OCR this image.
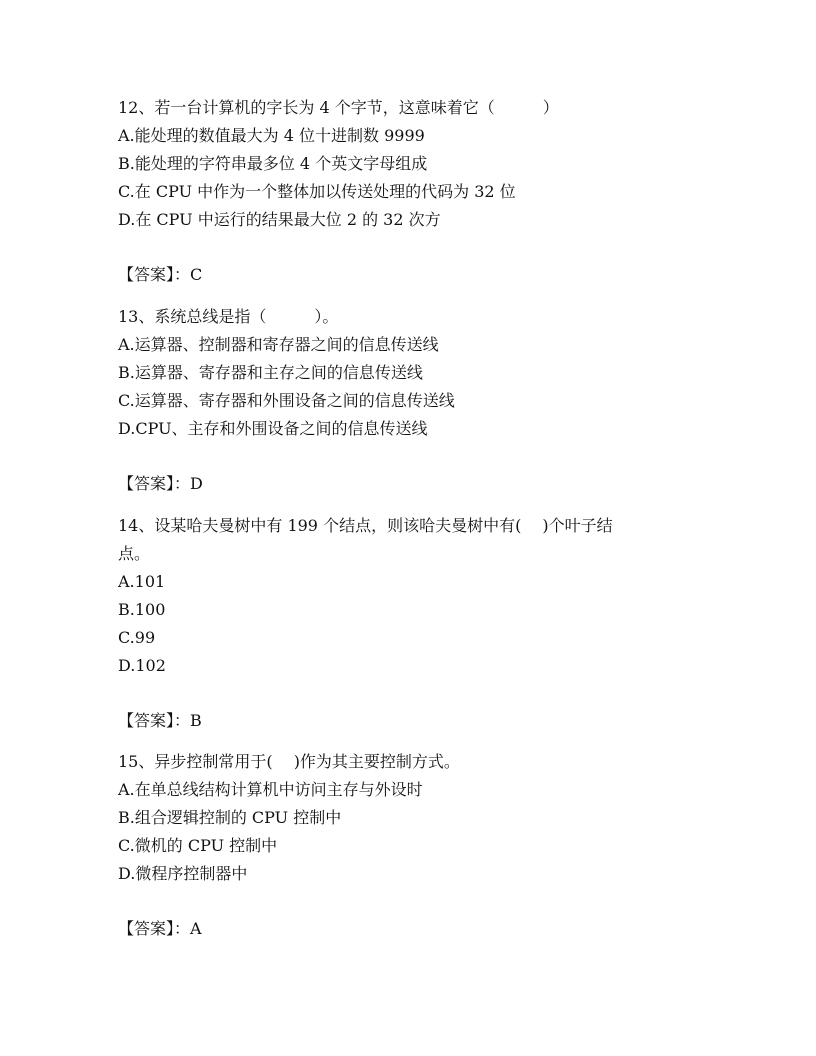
12、若一台计算机的字长为 4 个字节，这意味着它（　　　）
A.能处理的数值最大为 4 位十进制数 9999
B.能处理的字符串最多位 4 个英文字母组成
C.在 CPU 中作为一个整体加以传送处理的代码为 32 位
D.在 CPU 中运行的结果最大位 2 的 32 次方
【答案】：C
13、系统总线是指（　　　）。
A.运算器、控制器和寄存器之间的信息传送线
B.运算器、寄存器和主存之间的信息传送线
C.运算器、寄存器和外围设备之间的信息传送线
D.CPU、主存和外围设备之间的信息传送线
【答案】：D
14、设某哈夫曼树中有 199 个结点，则该哈夫曼树中有(　 )个叶子结
点。
A.101
B.100
C.99
D.102
【答案】：B
15、异步控制常用于(　 )作为其主要控制方式。
A.在单总线结构计算机中访问主存与外设时
B.组合逻辑控制的 CPU 控制中
C.微机的 CPU 控制中
D.微程序控制器中
【答案】：A
